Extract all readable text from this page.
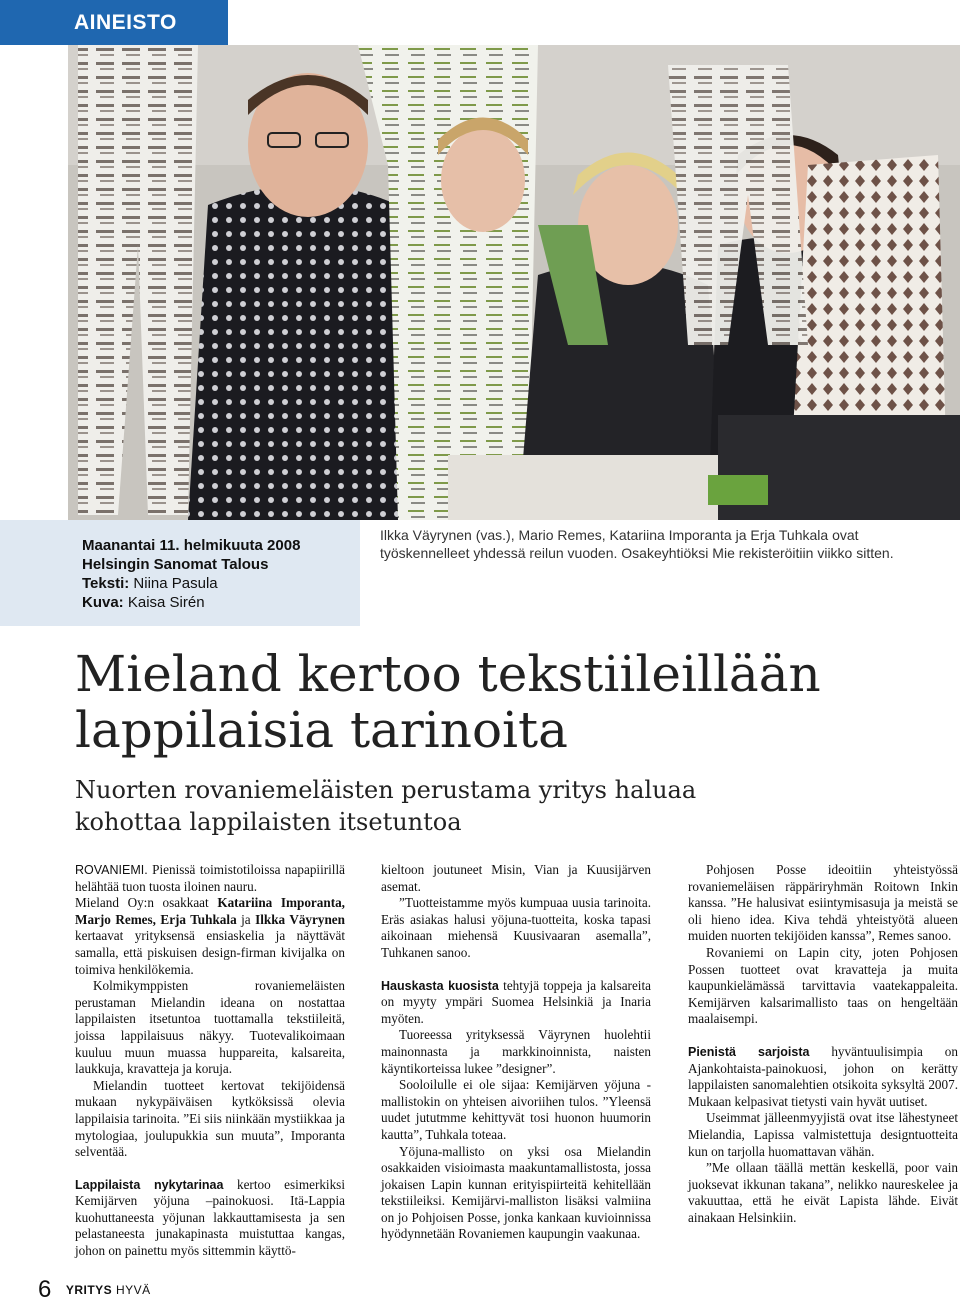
AINEISTO
Maanantai 11. helmikuuta 2008
Helsingin Sanomat Talous
Teksti: Niina Pasula
Kuva: Kaisa Sirén
Ilkka Väyrynen (vas.), Mario Remes, Katariina Imporanta ja Erja Tuhkala ovat työskennelleet yhdessä reilun vuoden. Osakeyhtiöksi Mie rekisteröitiin viikko sitten.
Mieland kertoo tekstiileillään
lappilaisia tarinoita
Nuorten rovaniemeläisten perustama yritys haluaa
kohottaa lappilaisten itsetuntoa

ROVANIEMI. Pienissä toimistotiloissa napapiirillä helähtää tuon tuosta iloinen nauru.

Mieland Oy:n osakkaat Katariina Imporanta, Marjo Remes, Erja Tuhkala ja Ilkka Väyrynen kertaavat yrityksensä ensiaskelia ja näyttävät samalla, että piskuisen design-firman kivijalka on toimiva henkilökemia.

Kolmikymppisten rovaniemeläisten perustaman Mielandin ideana on nostattaa lappilaisten itsetuntoa tuottamalla tekstiileitä, joissa lappilaisuus näkyy. Tuotevalikoimaan kuuluu muun muassa huppareita, kalsareita, laukkuja, kravatteja ja koruja.

Mielandin tuotteet kertovat tekijöidensä mukaan nykypäiväisen kytköksissä olevia lappilaisia tarinoita. ”Ei siis niinkään mystiikkaa ja mytologiaa, joulupukkia sun muuta”, Imporanta selventää.

Lappilaista nykytarinaa kertoo esimerkiksi Kemijärven yöjuna –painokuosi. Itä-Lappia kuohuttaneesta yöjunan lakkauttamisesta ja sen pelastaneesta junakapinasta muistuttaa kangas, johon on painettu myös sittemmin käyttö-

kieltoon joutuneet Misin, Vian ja Kuusijärven asemat.

”Tuotteistamme myös kumpuaa uusia tarinoita. Eräs asiakas halusi yöjuna-tuotteita, koska tapasi aikoinaan miehensä Kuusivaaran asemalla”, Tuhkanen sanoo.

Hauskasta kuosista tehtyjä toppeja ja kalsareita on myyty ympäri Suomea Helsinkiä ja Inaria myöten.

Tuoreessa yrityksessä Väyrynen huolehtii mainonnasta ja markkinoinnista, naisten käyntikorteissa lukee ”designer”.

Sooloilulle ei ole sijaa: Kemijärven yöjuna -mallistokin on yhteisen aivoriihen tulos. ”Yleensä uudet jututmme kehittyvät tosi huonon huumorin kautta”, Tuhkala toteaa.

Yöjuna-mallisto on yksi osa Mielandin osakkaiden visioimasta maakuntamallistosta, jossa jokaisen Lapin kunnan erityispiirteitä kehitellään tekstiileiksi. Kemijärvi-malliston lisäksi valmiina on jo Pohjoisen Posse, jonka kankaan kuvioinnissa hyödynnetään Rovaniemen kaupungin vaakunaa.

Pohjosen Posse ideoitiin yhteistyössä rovaniemeläisen räppäriryhmän Roitown Inkin kanssa. ”He halusivat esiintymisasuja ja meistä se oli hieno idea. Kiva tehdä yhteistyötä alueen muiden nuorten tekijöiden kanssa”, Remes sanoo.

Rovaniemi on Lapin city, joten Pohjosen Possen tuotteet ovat kravatteja ja muita kaupunkielämässä tarvittavia vaatekappaleita. Kemijärven kalsarimallisto taas on hengeltään maalaisempi.

Pienistä sarjoista hyväntuulisimpia on Ajankohtaista-painokuosi, johon on kerätty lappilaisten sanomalehtien otsikoita syksyltä 2007. Mukaan kelpasivat tietysti vain hyvät uutiset.

Useimmat jälleenmyyjistä ovat itse lähestyneet Mielandia, Lapissa valmistettuja designtuotteita kun on tarjolla huomattavan vähän.

”Me ollaan täällä mettän keskellä, poor vain juoksevat ikkunan takana”, nelikko naureskelee ja vakuuttaa, että he eivät Lapista lähde. Eivät ainakaan Helsinkiin.

6 YRITYS HYVÄ
